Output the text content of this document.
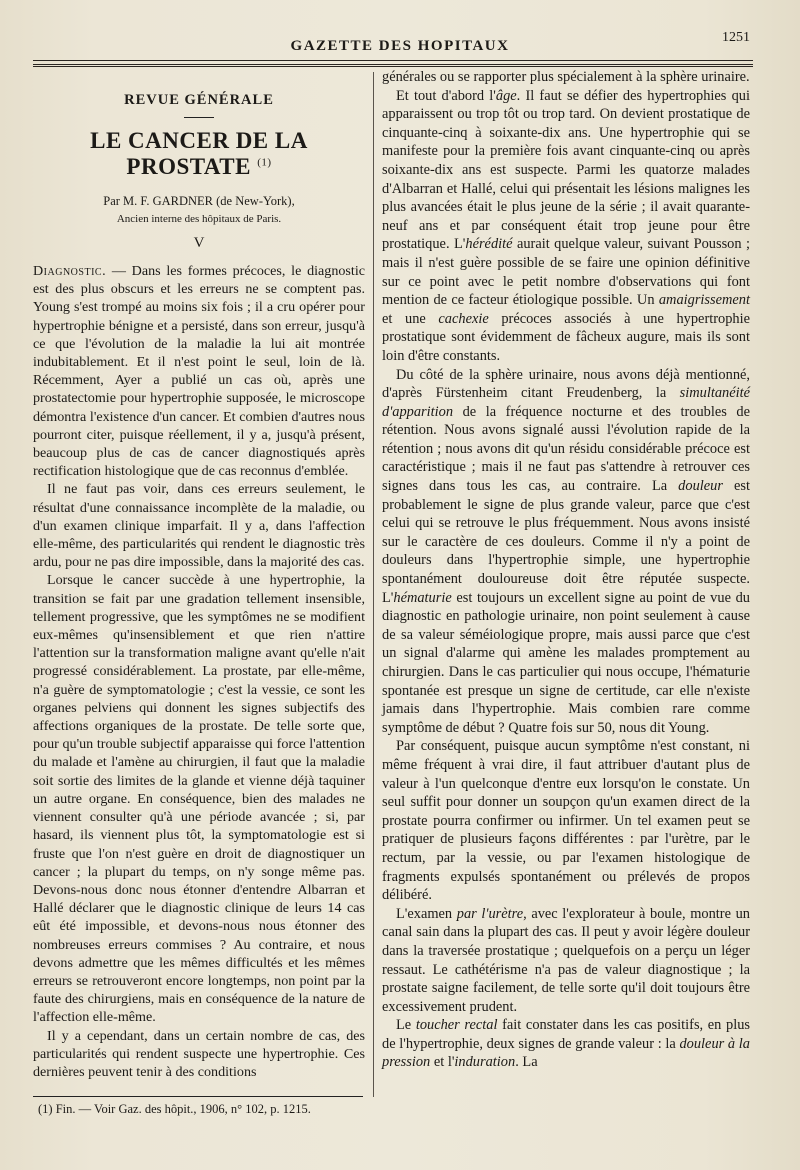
GAZETTE DES HOPITAUX
1251
REVUE GÉNÉRALE
LE CANCER DE LA PROSTATE $^{(1)}$
Par M. F. GARDNER (de New-York),
Ancien interne des hôpitaux de Paris.
V

Diagnostic. — Dans les formes précoces, le diagnostic est des plus obscurs et les erreurs ne se comptent pas. Young s'est trompé au moins six fois ; il a cru opérer pour hypertrophie bénigne et a persisté, dans son erreur, jusqu'à ce que l'évolution de la maladie la lui ait montrée indubitablement. Et il n'est point le seul, loin de là. Récemment, Ayer a publié un cas où, après une prostatectomie pour hypertrophie supposée, le microscope démontra l'existence d'un cancer. Et combien d'autres nous pourront citer, puisque réellement, il y a, jusqu'à présent, beaucoup plus de cas de cancer diagnostiqués après rectification histologique que de cas reconnus d'emblée.

Il ne faut pas voir, dans ces erreurs seulement, le résultat d'une connaissance incomplète de la maladie, ou d'un examen clinique imparfait. Il y a, dans l'affection elle-même, des particularités qui rendent le diagnostic très ardu, pour ne pas dire impossible, dans la majorité des cas.

Lorsque le cancer succède à une hypertrophie, la transition se fait par une gradation tellement insensible, tellement progressive, que les symptômes ne se modifient eux-mêmes qu'insensiblement et que rien n'attire l'attention sur la transformation maligne avant qu'elle n'ait progressé considérablement. La prostate, par elle-même, n'a guère de symptomatologie ; c'est la vessie, ce sont les organes pelviens qui donnent les signes subjectifs des affections organiques de la prostate. De telle sorte que, pour qu'un trouble subjectif apparaisse qui force l'attention du malade et l'amène au chirurgien, il faut que la maladie soit sortie des limites de la glande et vienne déjà taquiner un autre organe. En conséquence, bien des malades ne viennent consulter qu'à une période avancée ; si, par hasard, ils viennent plus tôt, la symptomatologie est si fruste que l'on n'est guère en droit de diagnostiquer un cancer ; la plupart du temps, on n'y songe même pas. Devons-nous donc nous étonner d'entendre Albarran et Hallé déclarer que le diagnostic clinique de leurs 14 cas eût été impossible, et devons-nous nous étonner des nombreuses erreurs commises ? Au contraire, et nous devons admettre que les mêmes difficultés et les mêmes erreurs se retrouveront encore longtemps, non point par la faute des chirurgiens, mais en conséquence de la nature de l'affection elle-même.

Il y a cependant, dans un certain nombre de cas, des particularités qui rendent suspecte une hypertrophie. Ces dernières peuvent tenir à des conditions

(1) Fin. — Voir Gaz. des hôpit., 1906, n° 102, p. 1215.

générales ou se rapporter plus spécialement à la sphère urinaire.

Et tout d'abord l'âge. Il faut se défier des hypertrophies qui apparaissent ou trop tôt ou trop tard. On devient prostatique de cinquante-cinq à soixante-dix ans. Une hypertrophie qui se manifeste pour la première fois avant cinquante-cinq ou après soixante-dix ans est suspecte. Parmi les quatorze malades d'Albarran et Hallé, celui qui présentait les lésions malignes les plus avancées était le plus jeune de la série ; il avait quarante-neuf ans et par conséquent était trop jeune pour être prostatique. L'hérédité aurait quelque valeur, suivant Pousson ; mais il n'est guère possible de se faire une opinion définitive sur ce point avec le petit nombre d'observations qui font mention de ce facteur étiologique possible. Un amaigrissement et une cachexie précoces associés à une hypertrophie prostatique sont évidemment de fâcheux augure, mais ils sont loin d'être constants.

Du côté de la sphère urinaire, nous avons déjà mentionné, d'après Fürstenheim citant Freudenberg, la simultanéité d'apparition de la fréquence nocturne et des troubles de rétention. Nous avons signalé aussi l'évolution rapide de la rétention ; nous avons dit qu'un résidu considérable précoce est caractéristique ; mais il ne faut pas s'attendre à retrouver ces signes dans tous les cas, au contraire. La douleur est probablement le signe de plus grande valeur, parce que c'est celui qui se retrouve le plus fréquemment. Nous avons insisté sur le caractère de ces douleurs. Comme il n'y a point de douleurs dans l'hypertrophie simple, une hypertrophie spontanément douloureuse doit être réputée suspecte. L'hématurie est toujours un excellent signe au point de vue du diagnostic en pathologie urinaire, non point seulement à cause de sa valeur séméiologique propre, mais aussi parce que c'est un signal d'alarme qui amène les malades promptement au chirurgien. Dans le cas particulier qui nous occupe, l'hématurie spontanée est presque un signe de certitude, car elle n'existe jamais dans l'hypertrophie. Mais combien rare comme symptôme de début ? Quatre fois sur 50, nous dit Young.

Par conséquent, puisque aucun symptôme n'est constant, ni même fréquent à vrai dire, il faut attribuer d'autant plus de valeur à l'un quelconque d'entre eux lorsqu'on le constate. Un seul suffit pour donner un soupçon qu'un examen direct de la prostate pourra confirmer ou infirmer. Un tel examen peut se pratiquer de plusieurs façons différentes : par l'urètre, par le rectum, par la vessie, ou par l'examen histologique de fragments expulsés spontanément ou prélevés de propos délibéré.

L'examen par l'urètre, avec l'explorateur à boule, montre un canal sain dans la plupart des cas. Il peut y avoir légère douleur dans la traversée prostatique ; quelquefois on a perçu un léger ressaut. Le cathétérisme n'a pas de valeur diagnostique ; la prostate saigne facilement, de telle sorte qu'il doit toujours être excessivement prudent.

Le toucher rectal fait constater dans les cas positifs, en plus de l'hypertrophie, deux signes de grande valeur : la douleur à la pression et l'induration. La
